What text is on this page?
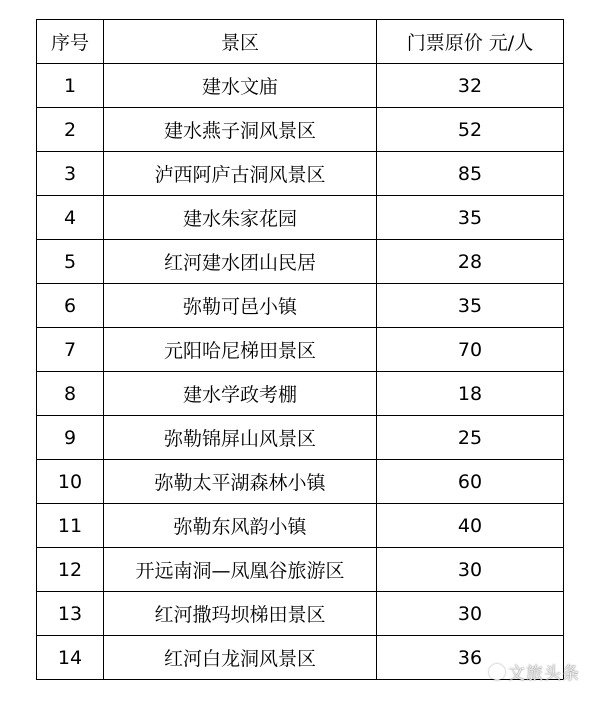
序号	景区	门票原价 元/人
1	建水文庙	32
2	建水燕子洞风景区	52
3	泸西阿庐古洞风景区	85
4	建水朱家花园	35
5	红河建水团山民居	28
6	弥勒可邑小镇	35
7	元阳哈尼梯田景区	70
8	建水学政考棚	18
9	弥勒锦屏山风景区	25
10	弥勒太平湖森林小镇	60
11	弥勒东风韵小镇	40
12	开远南洞—凤凰谷旅游区	30
13	红河撒玛坝梯田景区	30
14	红河白龙洞风景区	36
文旅头条
